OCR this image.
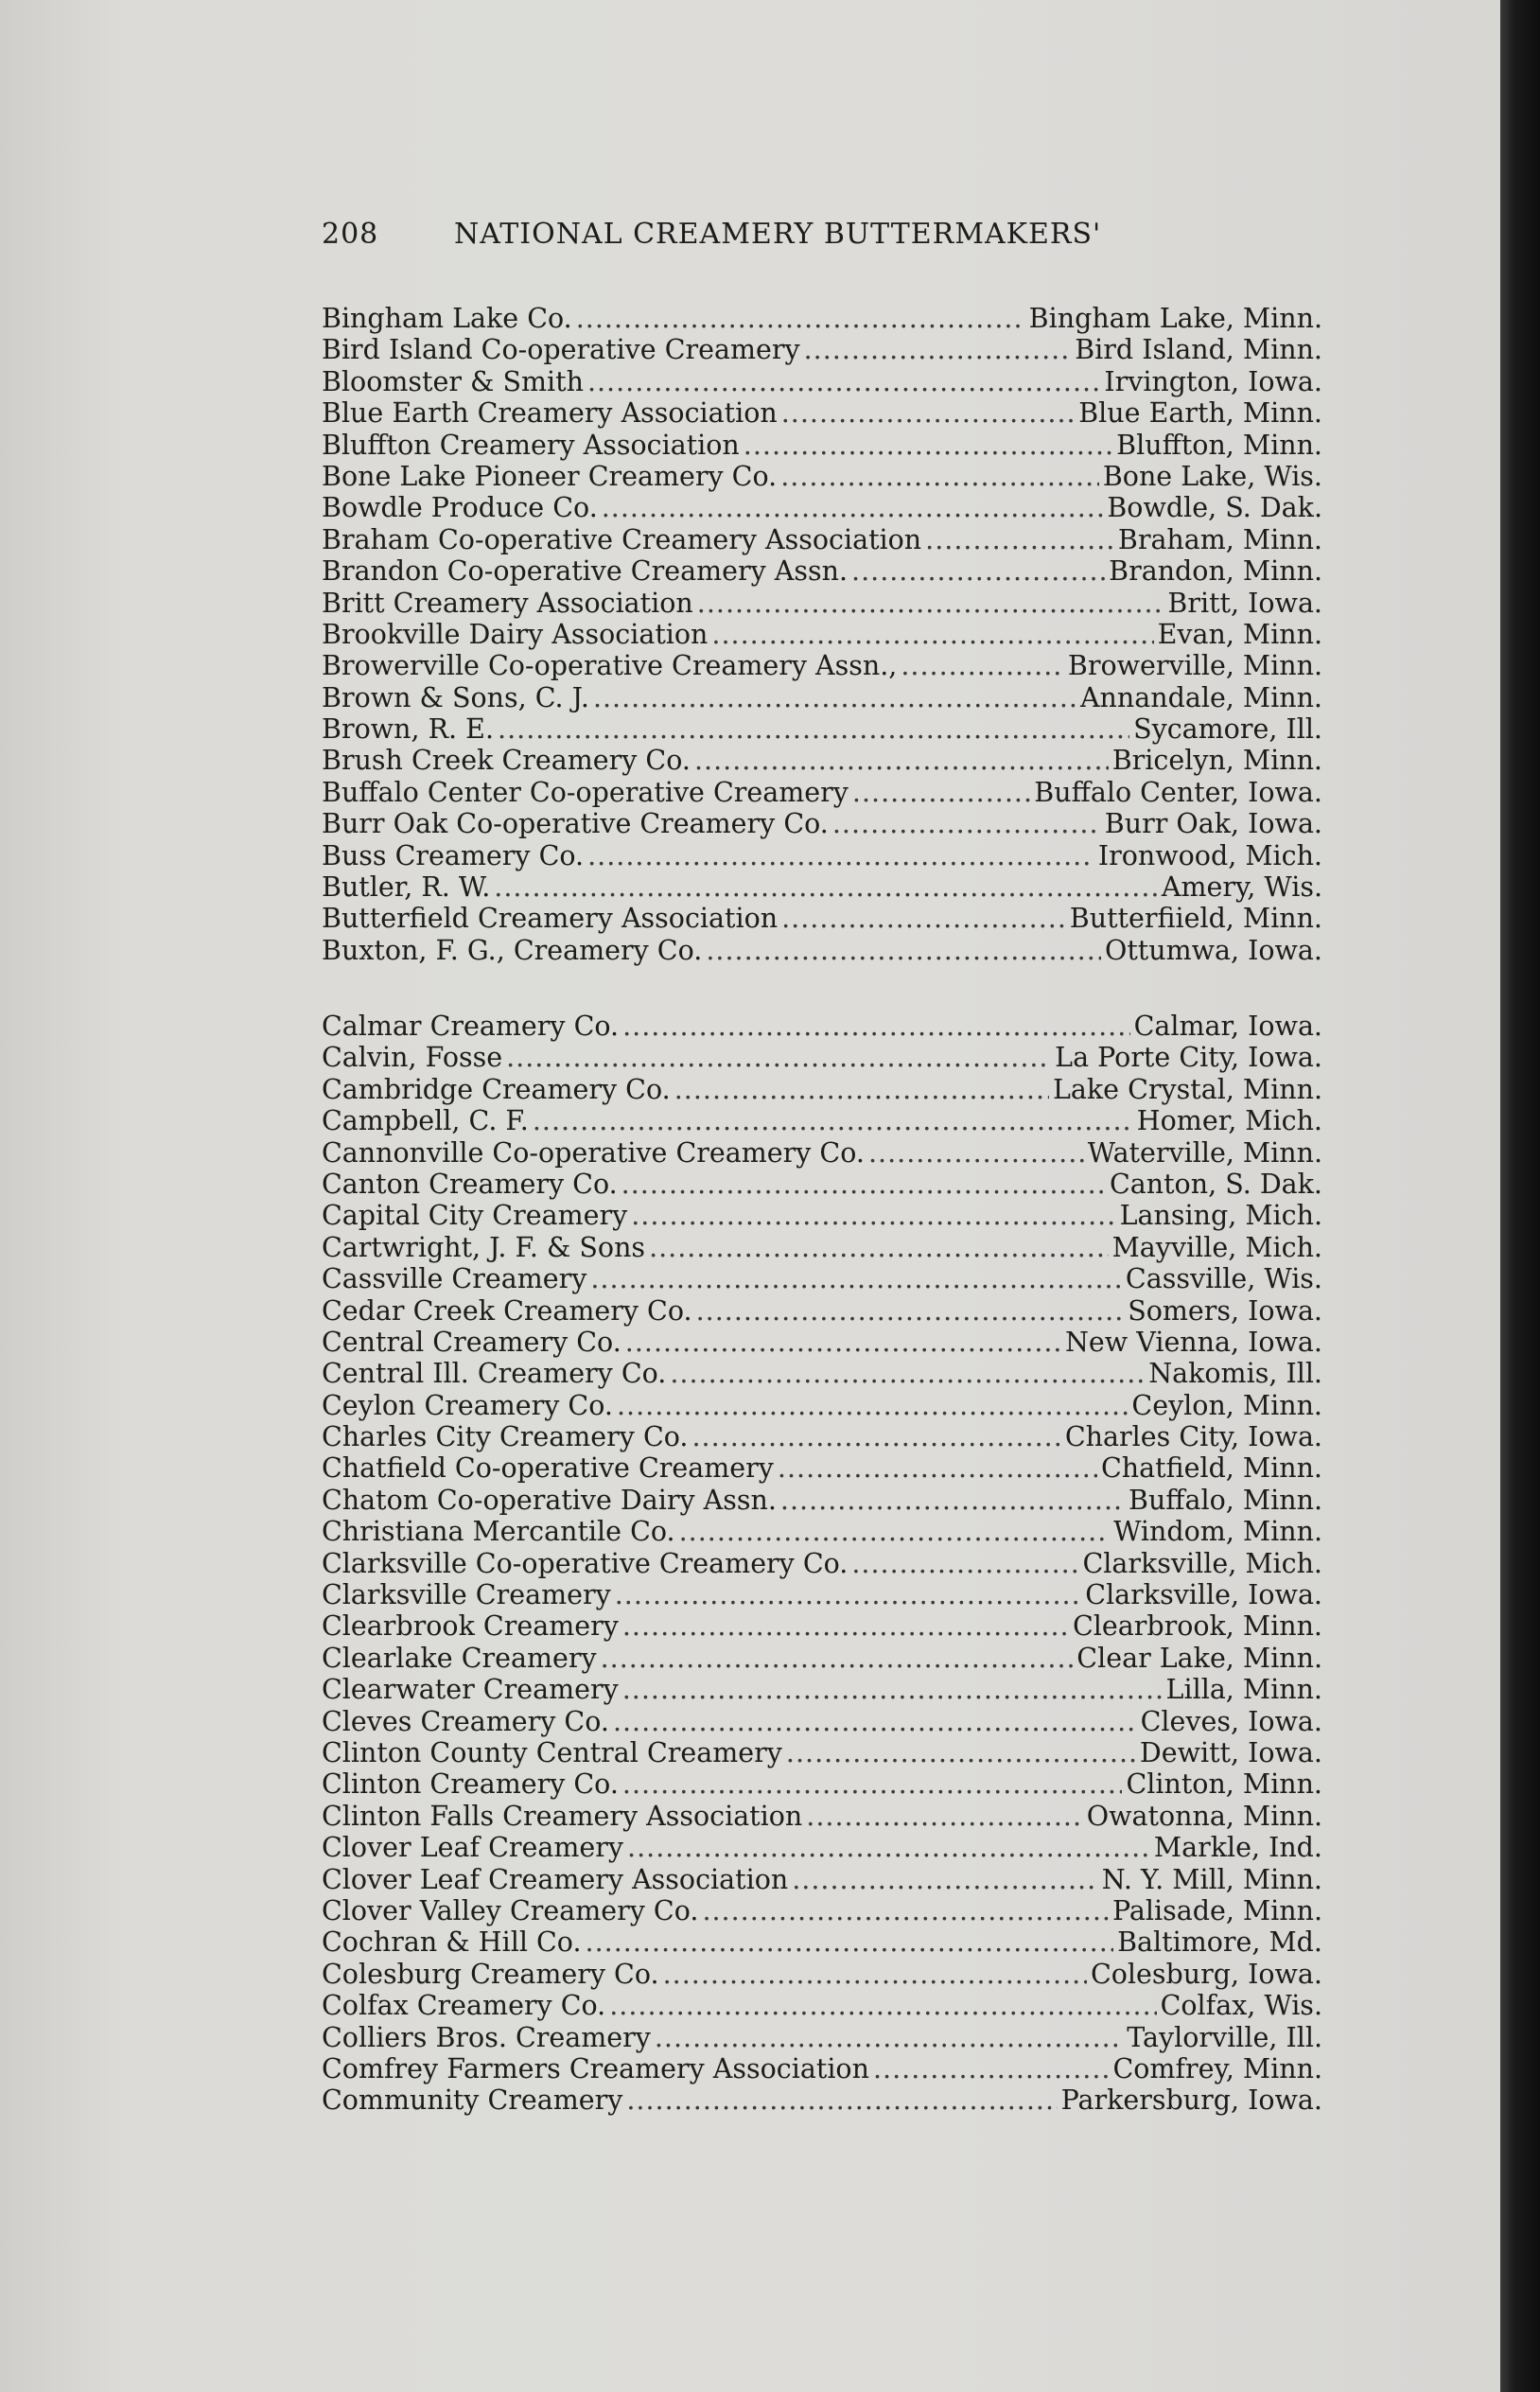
208	NATIONAL CREAMERY BUTTERMAKERS'
Bingham Lake Co. .....	Bingham Lake, Minn.
Bird Island Co-operative Creamery .....	Bird Island, Minn.
Bloomster & Smith .....	Irvington, Iowa.
Blue Earth Creamery Association .....	Blue Earth, Minn.
Bluffton Creamery Association .....	Bluffton, Minn.
Bone Lake Pioneer Creamery Co. .....	Bone Lake, Wis.
Bowdle Produce Co. .....	Bowdle, S. Dak.
Braham Co-operative Creamery Association .....	Braham, Minn.
Brandon Co-operative Creamery Assn. .....	Brandon, Minn.
Britt Creamery Association .....	Britt, Iowa.
Brookville Dairy Association .....	Evan, Minn.
Browerville Co-operative Creamery Assn., .....	Browerville, Minn.
Brown & Sons, C. J. .....	Annandale, Minn.
Brown, R. E. .....	Sycamore, Ill.
Brush Creek Creamery Co. .....	Bricelyn, Minn.
Buffalo Center Co-operative Creamery .....	Buffalo Center, Iowa.
Burr Oak Co-operative Creamery Co. .....	Burr Oak, Iowa.
Buss Creamery Co. .....	Ironwood, Mich.
Butler, R. W. .....	Amery, Wis.
Butterfield Creamery Association .....	Butterfiield, Minn.
Buxton, F. G., Creamery Co. .....	Ottumwa, Iowa.
Calmar Creamery Co. .....	Calmar, Iowa.
Calvin, Fosse .....	La Porte City, Iowa.
Cambridge Creamery Co. .....	Lake Crystal, Minn.
Campbell, C. F. .....	Homer, Mich.
Cannonville Co-operative Creamery Co. .....	Waterville, Minn.
Canton Creamery Co. .....	Canton, S. Dak.
Capital City Creamery .....	Lansing, Mich.
Cartwright, J. F. & Sons .....	Mayville, Mich.
Cassville Creamery .....	Cassville, Wis.
Cedar Creek Creamery Co. .....	Somers, Iowa.
Central Creamery Co. .....	New Vienna, Iowa.
Central Ill. Creamery Co. .....	Nakomis, Ill.
Ceylon Creamery Co. .....	Ceylon, Minn.
Charles City Creamery Co. .....	Charles City, Iowa.
Chatfield Co-operative Creamery .....	Chatfield, Minn.
Chatom Co-operative Dairy Assn. .....	Buffalo, Minn.
Christiana Mercantile Co. .....	Windom, Minn.
Clarksville Co-operative Creamery Co. .....	Clarksville, Mich.
Clarksville Creamery .....	Clarksville, Iowa.
Clearbrook Creamery .....	Clearbrook, Minn.
Clearlake Creamery .....	Clear Lake, Minn.
Clearwater Creamery .....	Lilla, Minn.
Cleves Creamery Co. .....	Cleves, Iowa.
Clinton County Central Creamery .....	Dewitt, Iowa.
Clinton Creamery Co. .....	Clinton, Minn.
Clinton Falls Creamery Association .....	Owatonna, Minn.
Clover Leaf Creamery .....	Markle, Ind.
Clover Leaf Creamery Association .....	N. Y. Mill, Minn.
Clover Valley Creamery Co. .....	Palisade, Minn.
Cochran & Hill Co. .....	Baltimore, Md.
Colesburg Creamery Co. .....	Colesburg, Iowa.
Colfax Creamery Co. .....	Colfax, Wis.
Colliers Bros. Creamery .....	Taylorville, Ill.
Comfrey Farmers Creamery Association .....	Comfrey, Minn.
Community Creamery .....	Parkersburg, Iowa.
